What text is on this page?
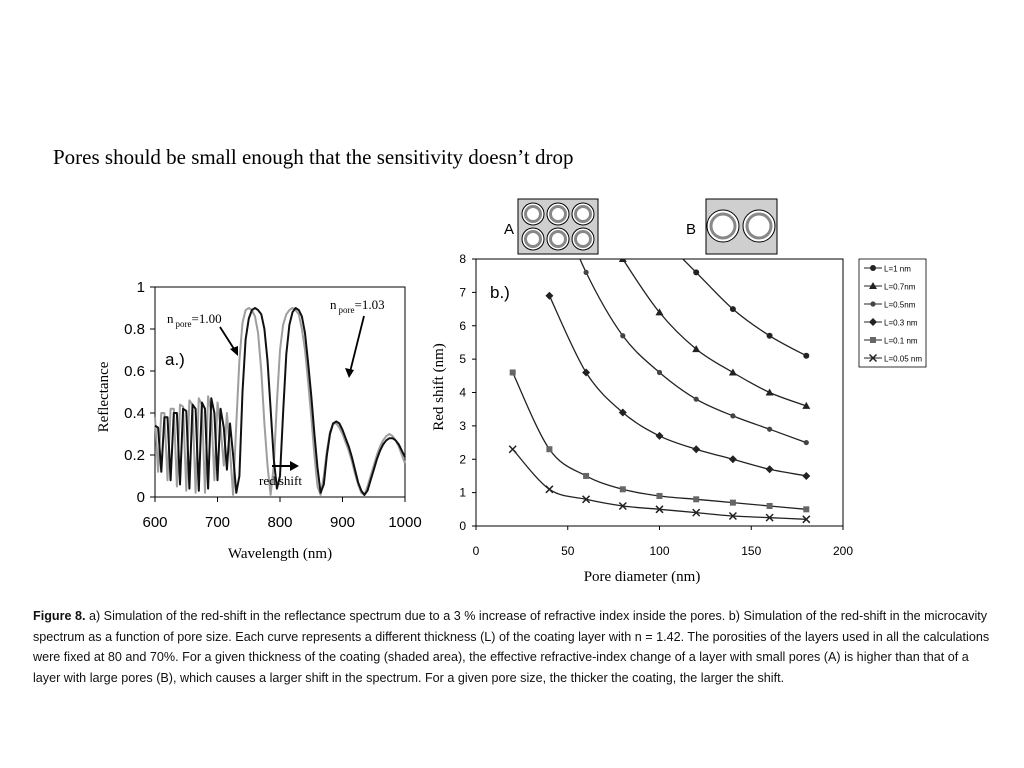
Pores should be small enough that the sensitivity doesn’t drop
600 700 800 900 1000
0
0.2
0.4
0.6
0.8
1
a.)
n $_{pore}$=1.00
n $_{pore}$=1.03
red shift
Wavelength (nm)
Reflectance
A	B
0	50	100	150	200
0
1
2
3
4
5
6
7
8
b.)
Pore diameter (nm)
Red shift (nm)
L=1 nm
L=0.7nm
L=0.5nm
L=0.3 nm
L=0.1 nm
L=0.05 nm
Figure 8. a) Simulation of the red-shift in the reflectance spectrum due to a 3 % increase of refractive index inside the pores. b) Simulation of the red-shift in the microcavity spectrum as a function of pore size. Each curve represents a different thickness (L) of the coating layer with n = 1.42. The porosities of the layers used in all the calculations were fixed at 80 and 70%. For a given thickness of the coating (shaded area), the effective refractive-index change of a layer with small pores (A) is higher than that of a layer with large pores (B), which causes a larger shift in the spectrum. For a given pore size, the thicker the coating, the larger the shift.
